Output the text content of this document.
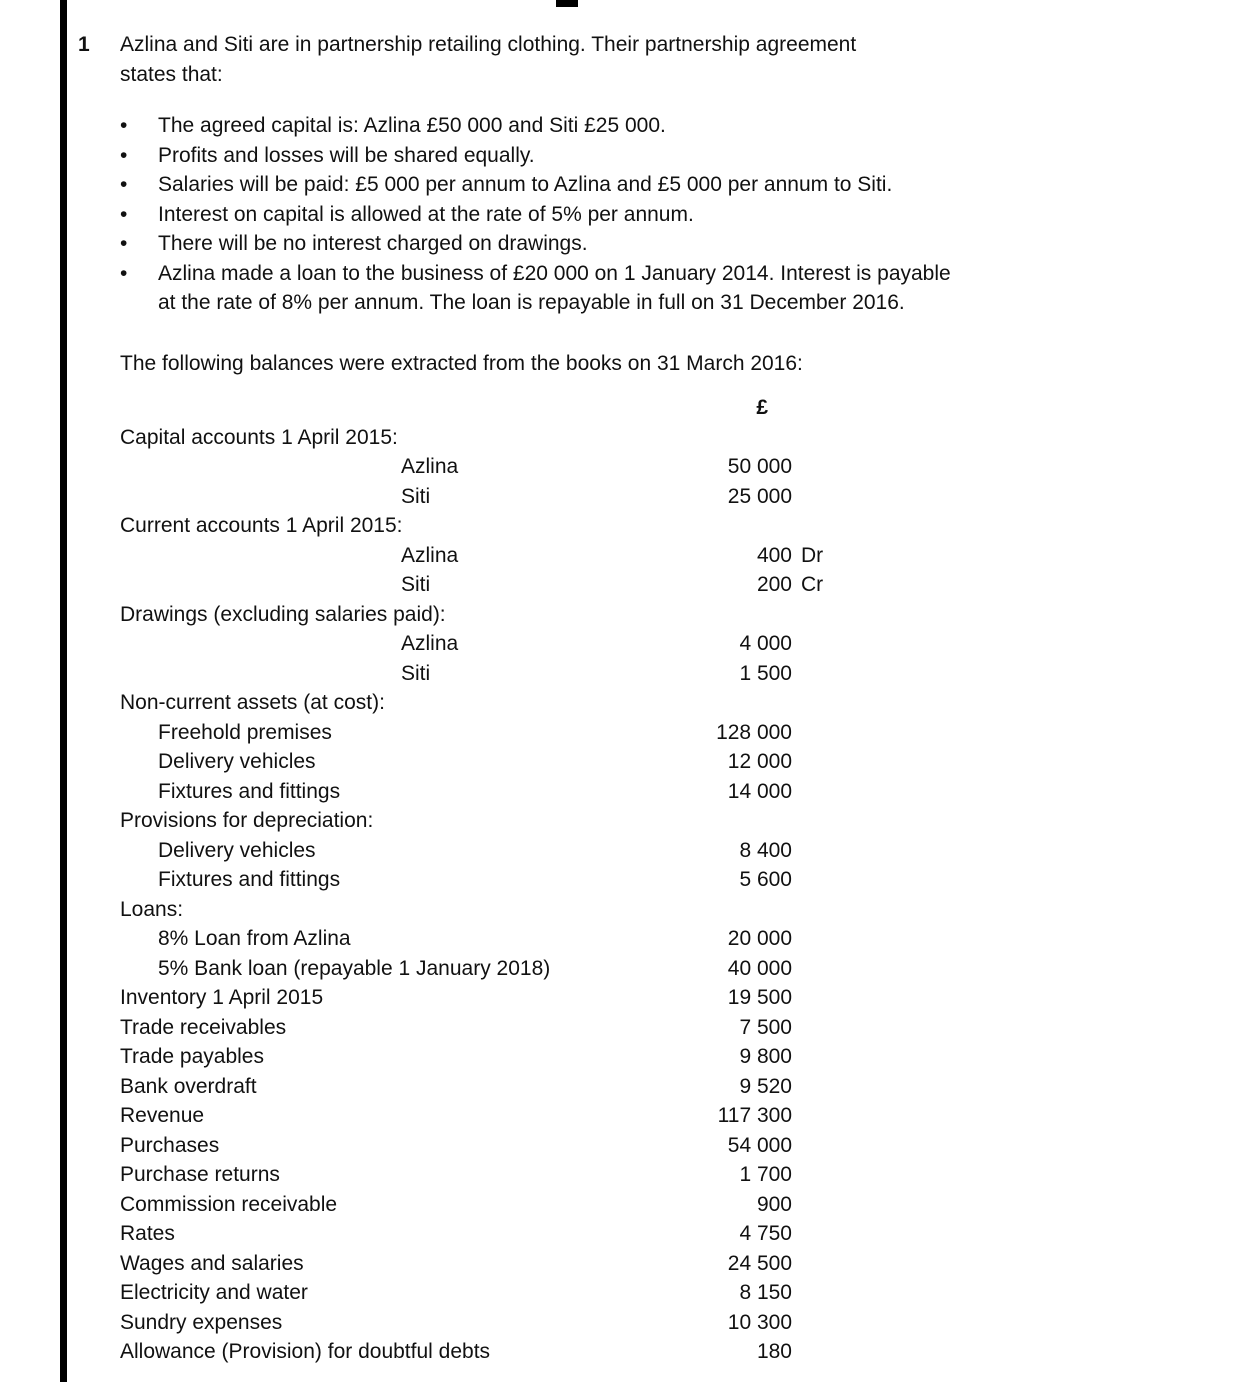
1	Azlina and Siti are in partnership retailing clothing. Their partnership agreement
states that:
•	The agreed capital is: Azlina £50 000 and Siti £25 000.
•	Profits and losses will be shared equally.
•	Salaries will be paid: £5 000 per annum to Azlina and £5 000 per annum to Siti.
•	Interest on capital is allowed at the rate of 5% per annum.
•	There will be no interest charged on drawings.
•	Azlina made a loan to the business of £20 000 on 1 January 2014. Interest is payable
at the rate of 8% per annum. The loan is repayable in full on 31 December 2016.
The following balances were extracted from the books on 31 March 2016:
£
Capital accounts 1 April 2015:
Azlina	50 000
Siti	25 000
Current accounts 1 April 2015:
Azlina	400 Dr
Siti	200 Cr
Drawings (excluding salaries paid):
Azlina	4 000
Siti	1 500
Non-current assets (at cost):
Freehold premises	128 000
Delivery vehicles	12 000
Fixtures and fittings	14 000
Provisions for depreciation:
Delivery vehicles	8 400
Fixtures and fittings	5 600
Loans:
8% Loan from Azlina	20 000
5% Bank loan (repayable 1 January 2018)	40 000
Inventory 1 April 2015	19 500
Trade receivables	7 500
Trade payables	9 800
Bank overdraft	9 520
Revenue	117 300
Purchases	54 000
Purchase returns	1 700
Commission receivable	900
Rates	4 750
Wages and salaries	24 500
Electricity and water	8 150
Sundry expenses	10 300
Allowance (Provision) for doubtful debts	180
